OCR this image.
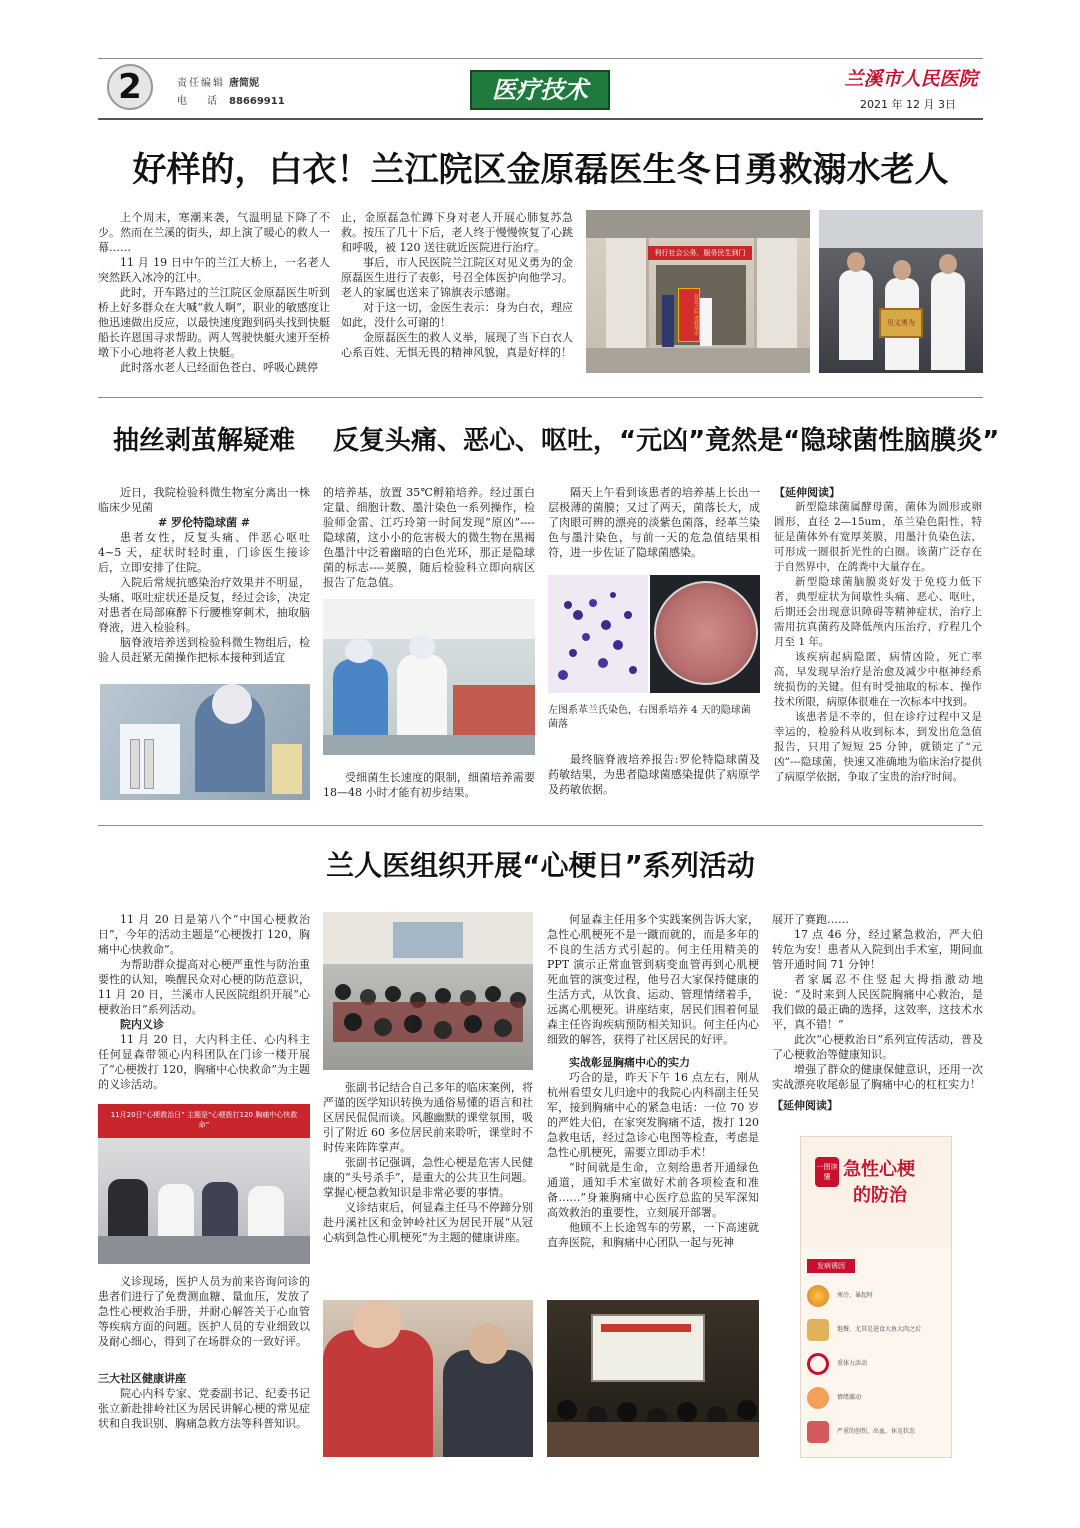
2	责任编辑 唐简妮
电　　话 88669911	医疗技术	兰溪市人民医院
2021 年 12 月 3日
好样的，白衣！兰江院区金原磊医生冬日勇救溺水老人

上个周末，寒潮来袭，气温明显下降了不少。然而在兰溪的街头，却上演了暖心的救人一幕……

11 月 19 日中午的兰江大桥上，一名老人突然跃入冰冷的江中。

此时，开车路过的兰江院区金原磊医生听到桥上好多群众在大喊“救人啊”，职业的敏感度让他迅速做出反应，以最快速度跑到码头找到快艇船长许恩国寻求帮助。两人驾驶快艇火速开至桥墩下小心地将老人救上快艇。

此时落水老人已经面色苍白、呼吸心跳停

止，金原磊急忙蹲下身对老人开展心肺复苏急救。按压了几十下后，老人终于慢慢恢复了心跳和呼吸，被 120 送往就近医院进行治疗。

事后，市人民医院兰江院区对见义勇为的金原磊医生进行了表彰，号召全体医护向他学习。老人的家属也送来了锦旗表示感谢。

对于这一切，金医生表示：身为白衣，理应如此，没什么可谢的！

金原磊医生的救人义举，展现了当下白衣人心系百姓、无惧无畏的精神风貌，真是好样的！

利行社会公务，服务民生到门
危急之际 勇救落水	见义勇为
抽丝剥茧解疑难 反复头痛、恶心、呕吐，“元凶”竟然是“隐球菌性脑膜炎”

近日，我院检验科微生物室分离出一株临床少见菌

# 罗伦特隐球菌 #

患者女性，反复头痛、伴恶心呕吐 4~5 天，症状时轻时重，门诊医生接诊后，立即安排了住院。

入院后常规抗感染治疗效果并不明显，头痛、呕吐症状还是反复，经过会诊，决定对患者在局部麻醉下行腰椎穿刺术，抽取脑脊液，进入检验科。

脑脊液培养送到检验科微生物组后，检验人员赶紧无菌操作把标本接种到适宜

的培养基，放置 35℃孵箱培养。经过蛋白定量、细胞计数、墨汁染色一系列操作，检验师金雷、江巧玲第一时间发现“原凶”----隐球菌，这小小的危害极大的微生物在黑褐色墨汁中泛着幽暗的白色光环，那正是隐球菌的标志----荚膜，随后检验科立即向病区报告了危急值。

受细菌生长速度的限制，细菌培养需要 18—48 小时才能有初步结果。

隔天上午看到该患者的培养基上长出一层极薄的菌膜；又过了两天，菌落长大，成了肉眼可辨的漂亮的淡紫色菌落，经革兰染色与墨汁染色，与前一天的危急值结果相符，进一步佐证了隐球菌感染。

左图系革兰氏染色，右图系培养 4 天的隐球菌菌落

最终脑脊液培养报告:罗伦特隐球菌及药敏结果，为患者隐球菌感染提供了病原学及药敏依据。

【延伸阅读】

新型隐球菌属酵母菌，菌体为圆形或卵圆形，直径 2—15um，革兰染色阳性，特征是菌体外有宽厚荚膜，用墨汁负染色法，可形成一圈很折光性的白圈。该菌广泛存在于自然界中，在鸽粪中大量存在。

新型隐球菌脑膜炎好发于免疫力低下者，典型症状为间歇性头痛、恶心、呕吐，后期还会出现意识障碍等精神症状，治疗上需用抗真菌药及降低颅内压治疗，疗程几个月至 1 年。

该疾病起病隐匿，病情凶险，死亡率高，早发现早治疗是治愈及减少中枢神经系统损伤的关键。但有时受抽取的标本、操作技术所限，病原体很难在一次标本中找到。

该患者是不幸的，但在诊疗过程中又是幸运的，检验科从收到标本，到发出危急值报告，只用了短短 25 分钟，就锁定了“元凶”---隐球菌，快速又准确地为临床治疗提供了病原学依据，争取了宝贵的治疗时间。

兰人医组织开展“心梗日”系列活动

11 月 20 日是第八个“中国心梗救治日”，今年的活动主题是“心梗拨打 120，胸痛中心快救命”。

为帮助群众提高对心梗严重性与防治重要性的认知，唤醒民众对心梗的防范意识，11 月 20 日，兰溪市人民医院组织开展“心梗救治日”系列活动。

院内义诊

11 月 20 日，大内科主任、心内科主任何显森带领心内科团队在门诊一楼开展了“心梗拨打 120，胸痛中心快救命”为主题的义诊活动。

11月20日“心梗救治日” 主题是“心梗拨打120 胸痛中心快救命”

义诊现场，医护人员为前来咨询问诊的患者们进行了免费测血糖、量血压，发放了急性心梗救治手册，并耐心解答关于心血管等疾病方面的问题。医护人员的专业细致以及耐心细心，得到了在场群众的一致好评。

三大社区健康讲座

院心内科专家、党委副书记、纪委书记张立新赴排岭社区为居民讲解心梗的常见症状和自我识别、胸痛急救方法等科普知识。

张副书记结合自己多年的临床案例，将严谨的医学知识转换为通俗易懂的语言和社区居民侃侃而谈。风趣幽默的课堂氛围，吸引了附近 60 多位居民前来聆听，课堂时不时传来阵阵掌声。

张副书记强调，急性心梗是危害人民健康的“头号杀手”，是重大的公共卫生问题。掌握心梗急救知识是非常必要的事情。

义诊结束后，何显森主任马不停蹄分别赴丹溪社区和金钟岭社区为居民开展“从冠心病到急性心肌梗死”为主题的健康讲座。

何显森主任用多个实践案例告诉大家，急性心肌梗死不是一蹴而就的，而是多年的不良的生活方式引起的。何主任用精美的 PPT 演示正常血管到病变血管再到心肌梗死血管的演变过程，他号召大家保持健康的生活方式，从饮食、运动、管理情绪着手，远离心肌梗死。讲座结束，居民们围着何显森主任咨询疾病预防相关知识。何主任内心细致的解答，获得了社区居民的好评。

实战彰显胸痛中心的实力

巧合的是，昨天下午 16 点左右，刚从杭州看望女儿归途中的我院心内科副主任吴军，接到胸痛中心的紧急电话：一位 70 岁的严姓大伯，在家突发胸痛不适，拨打 120 急救电话，经过急诊心电图等检查，考虑是急性心肌梗死，需要立即动手术！

“时间就是生命，立刻给患者开通绿色通道，通知手术室做好术前各项检查和准备……”身兼胸痛中心医疗总监的吴军深知高效救治的重要性，立刻展开部署。

他顾不上长途驾车的劳累，一下高速就直奔医院，和胸痛中心团队一起与死神

展开了赛跑……

17 点 46 分，经过紧急救治，严大伯转危为安！患者从入院到出手术室，期间血管开通时间 71 分钟！

者家属忍不住竖起大拇指激动地说：“及时来到人民医院胸痛中心救治，是我们做的最正确的选择，这效率，这技术水平，真不错！”

此次“心梗救治日”系列宣传活动，普及了心梗救治等健康知识。

增强了群众的健康保健意识，还用一次实战漂亮收尾彰显了胸痛中心的杠杠实力！

【延伸阅读】
一图读懂 急性心梗
的防治
发病诱因
寒冷、暴起时
饱餐、尤其是进食大鱼大肉之后
重体力活动
情绪激动
严重的创伤、出血、休克状态
